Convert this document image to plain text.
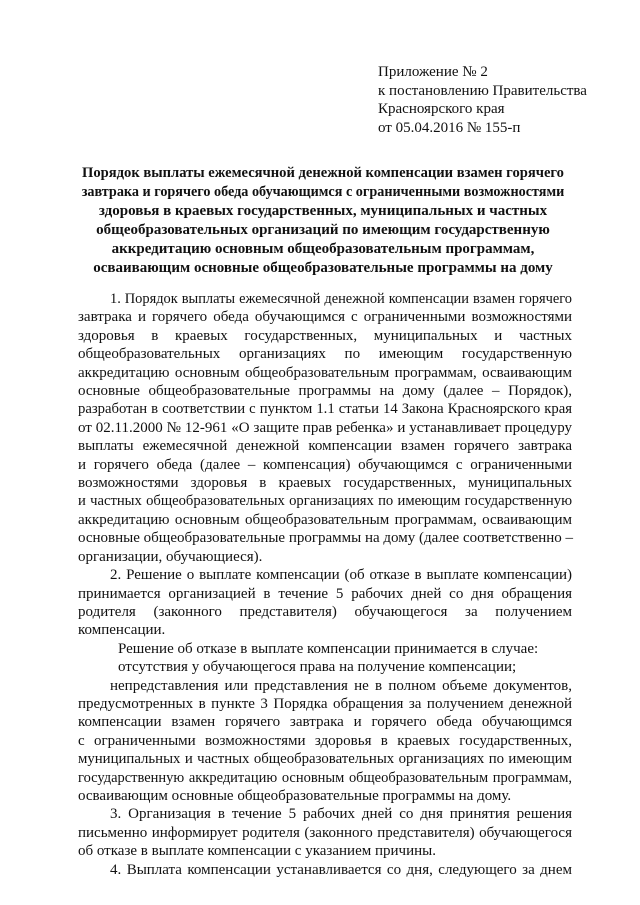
Приложение № 2
к постановлению Правительства
Красноярского края
от 05.04.2016 № 155-п
Порядок выплаты ежемесячной денежной компенсации взамен горячего
завтрака и горячего обеда обучающимся с ограниченными возможностями
здоровья в краевых государственных, муниципальных и частных
общеобразовательных организаций по имеющим государственную
аккредитацию основным общеобразовательным программам,
осваивающим основные общеобразовательные программы на дому
1. Порядок выплаты ежемесячной денежной компенсации взамен горячего
завтрака и горячего обеда обучающимся с ограниченными возможностями
здоровья в краевых государственных, муниципальных и частных
общеобразовательных организациях по имеющим государственную
аккредитацию основным общеобразовательным программам, осваивающим
основные общеобразовательные программы на дому (далее – Порядок),
разработан в соответствии с пунктом 1.1 статьи 14 Закона Красноярского края
от 02.11.2000 № 12-961 «О защите прав ребенка» и устанавливает процедуру
выплаты ежемесячной денежной компенсации взамен горячего завтрака
и горячего обеда (далее – компенсация) обучающимся с ограниченными
возможностями здоровья в краевых государственных, муниципальных
и частных общеобразовательных организациях по имеющим государственную
аккредитацию основным общеобразовательным программам, осваивающим
основные общеобразовательные программы на дому (далее соответственно –
организации, обучающиеся).
2. Решение о выплате компенсации (об отказе в выплате компенсации)
принимается организацией в течение 5 рабочих дней со дня обращения
родителя (законного представителя) обучающегося за получением
компенсации.
Решение об отказе в выплате компенсации принимается в случае:
отсутствия у обучающегося права на получение компенсации;
непредставления или представления не в полном объеме документов,
предусмотренных в пункте 3 Порядка обращения за получением денежной
компенсации взамен горячего завтрака и горячего обеда обучающимся
с ограниченными возможностями здоровья в краевых государственных,
муниципальных и частных общеобразовательных организациях по имеющим
государственную аккредитацию основным общеобразовательным программам,
осваивающим основные общеобразовательные программы на дому.
3. Организация в течение 5 рабочих дней со дня принятия решения
письменно информирует родителя (законного представителя) обучающегося
об отказе в выплате компенсации с указанием причины.
4. Выплата компенсации устанавливается со дня, следующего за днем
